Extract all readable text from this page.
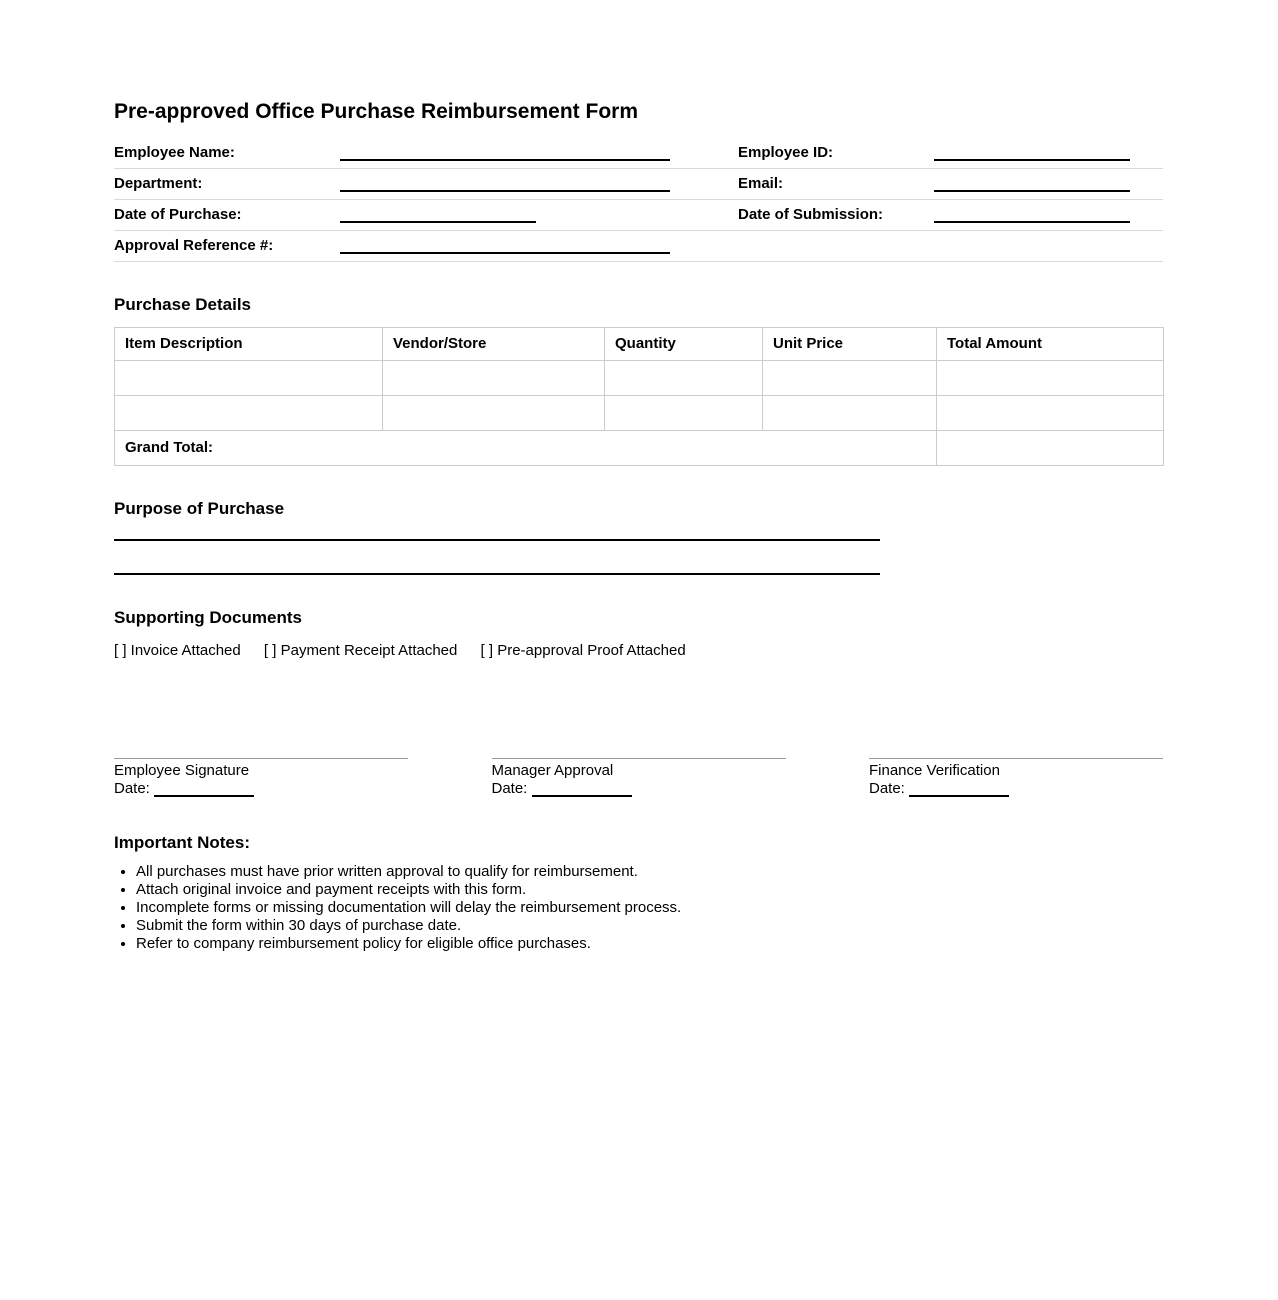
Pre-approved Office Purchase Reimbursement Form
Employee Name:		Employee ID:	
Department:		Email:	
Date of Purchase:		Date of Submission:	
Approval Reference #:			
Purchase Details
Item Description	Vendor/Store	Quantity	Unit Price	Total Amount

Grand Total:				
Purpose of Purchase
Supporting Documents
[ ] Invoice Attached [ ] Payment Receipt Attached [ ] Pre-approval Proof Attached
Employee Signature
Date:
Manager Approval
Date:
Finance Verification
Date:
Important Notes:
• All purchases must have prior written approval to qualify for reimbursement.
• Attach original invoice and payment receipts with this form.
• Incomplete forms or missing documentation will delay the reimbursement process.
• Submit the form within 30 days of purchase date.
• Refer to company reimbursement policy for eligible office purchases.
